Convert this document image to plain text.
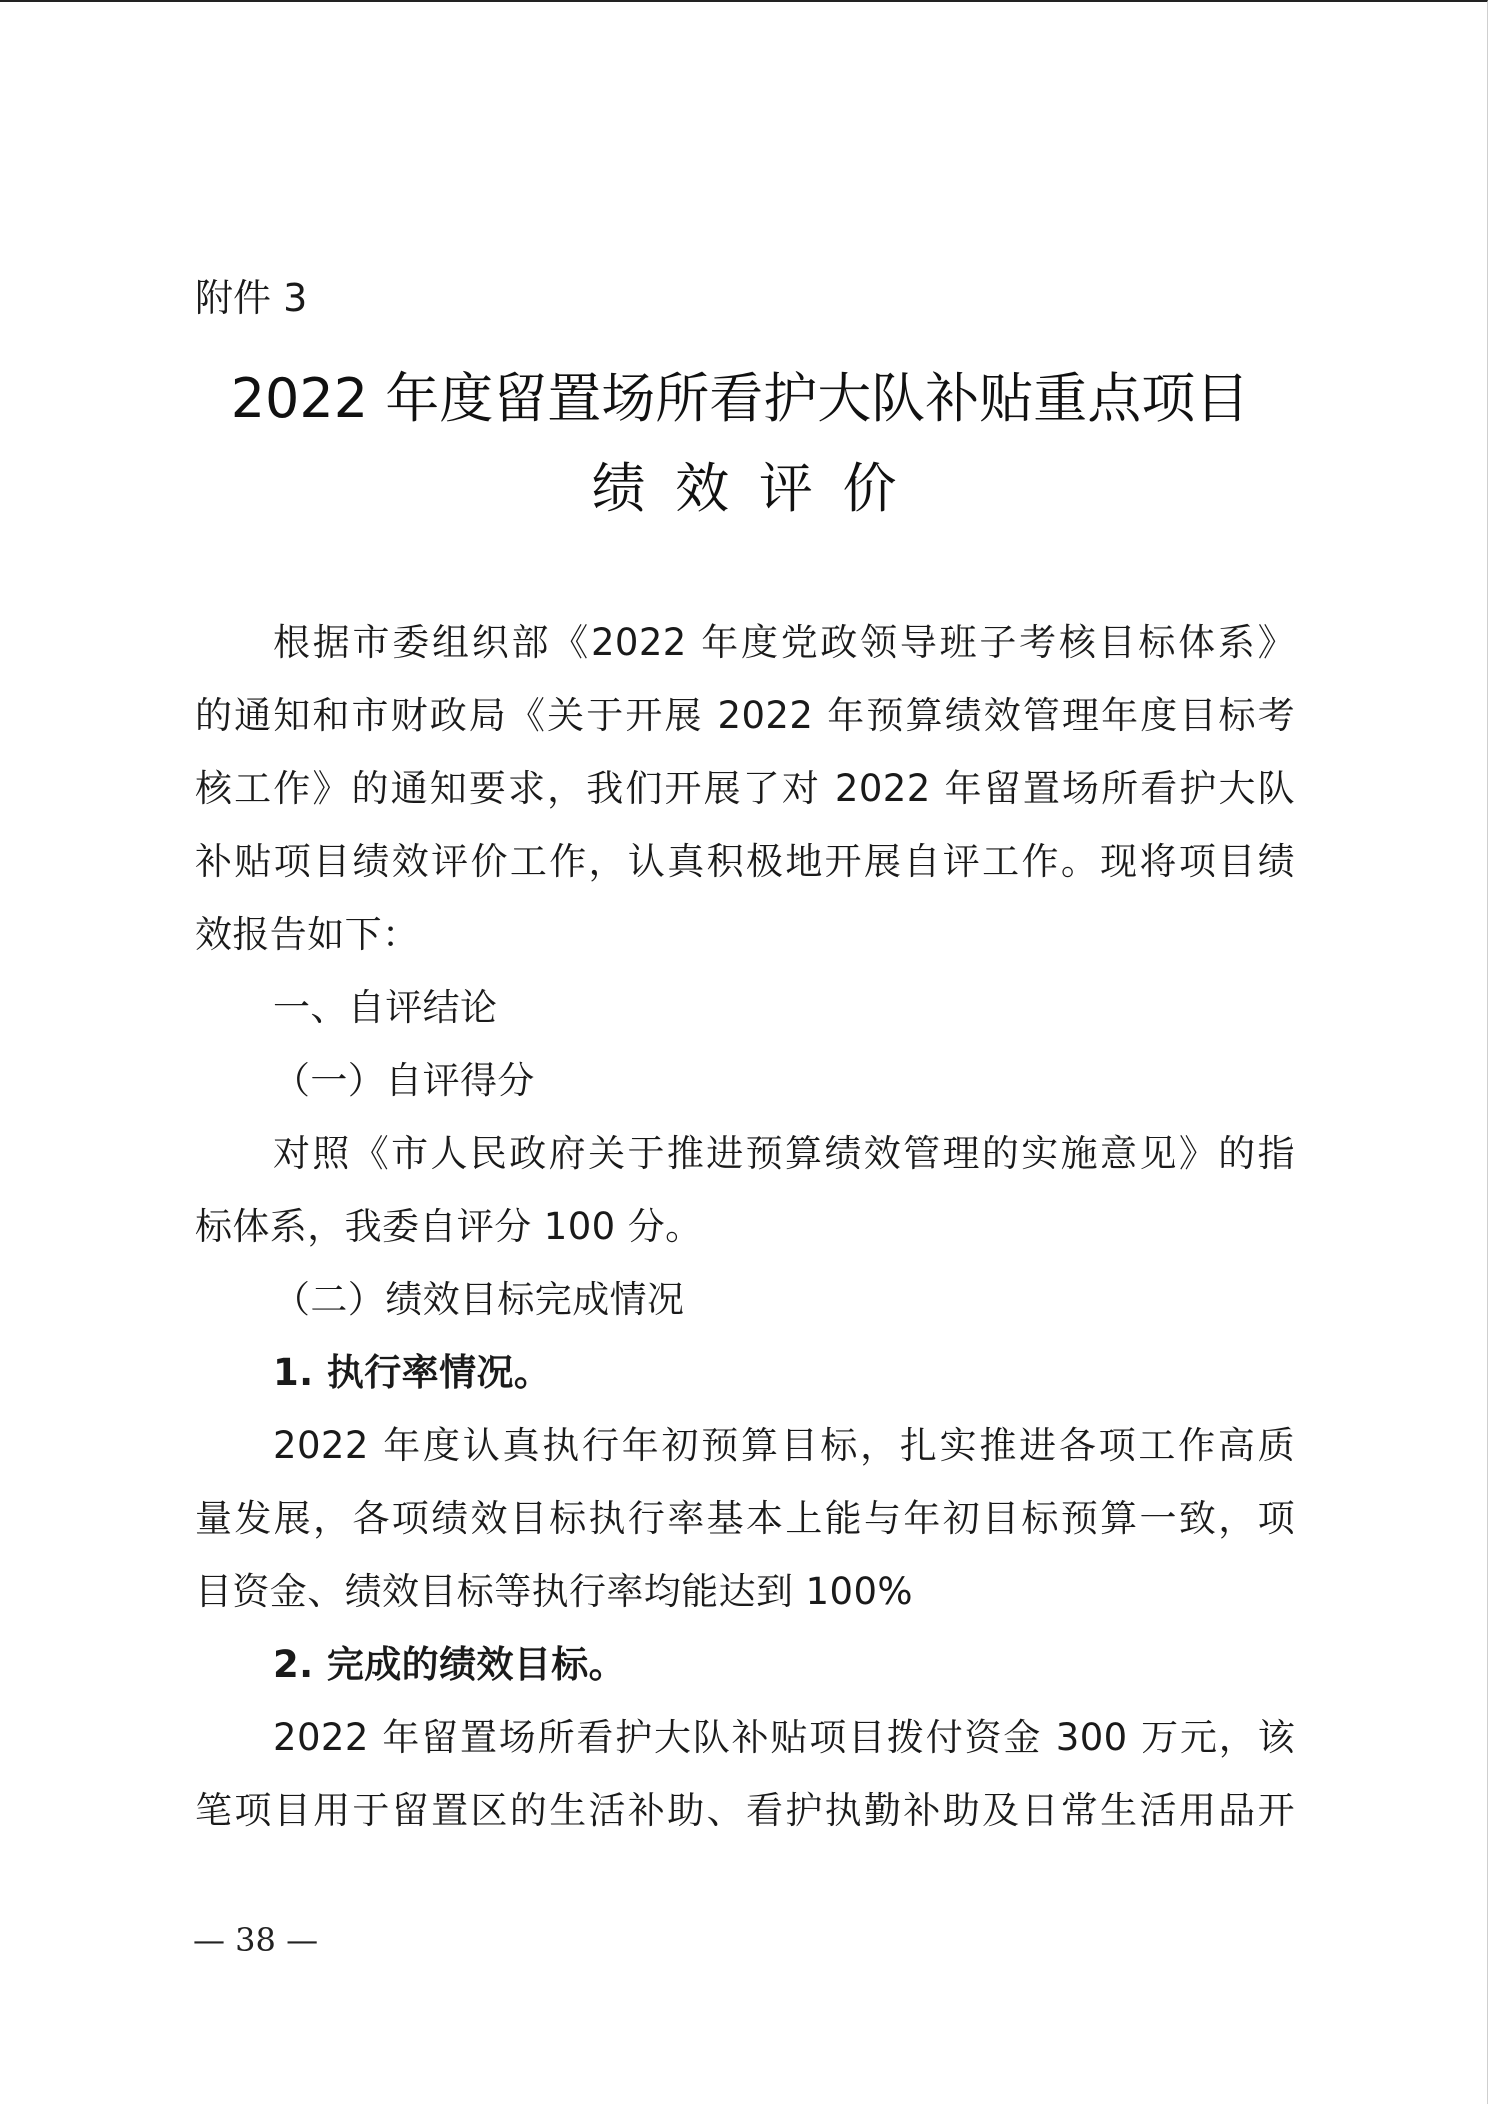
附件 3
2022 年度留置场所看护大队补贴重点项目
绩效评价
根据市委组织部《2022 年度党政领导班子考核目标体系》
的通知和市财政局《关于开展 2022 年预算绩效管理年度目标考
核工作》的通知要求，我们开展了对 2022 年留置场所看护大队
补贴项目绩效评价工作，认真积极地开展自评工作。现将项目绩
效报告如下：
一、自评结论
（一）自评得分
对照《市人民政府关于推进预算绩效管理的实施意见》的指
标体系，我委自评分 100 分。
（二）绩效目标完成情况
1. 执行率情况。
2022 年度认真执行年初预算目标，扎实推进各项工作高质
量发展，各项绩效目标执行率基本上能与年初目标预算一致，项
目资金、绩效目标等执行率均能达到 100%
2. 完成的绩效目标。
2022 年留置场所看护大队补贴项目拨付资金 300 万元，该
笔项目用于留置区的生活补助、看护执勤补助及日常生活用品开
— 38 —
